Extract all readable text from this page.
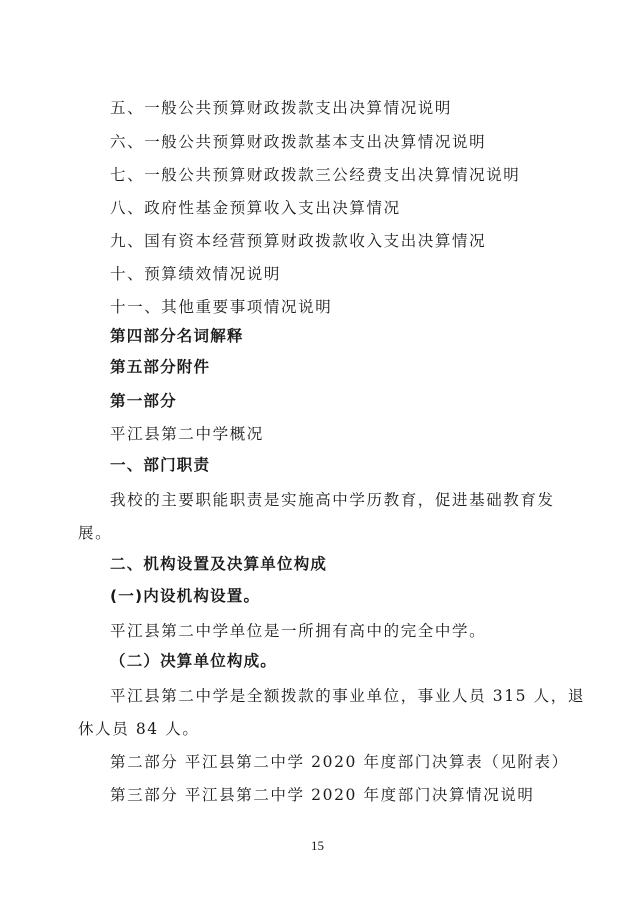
五、一般公共预算财政拨款支出决算情况说明
六、一般公共预算财政拨款基本支出决算情况说明
七、一般公共预算财政拨款三公经费支出决算情况说明
八、政府性基金预算收入支出决算情况
九、国有资本经营预算财政拨款收入支出决算情况
十、预算绩效情况说明
十一、其他重要事项情况说明
第四部分名词解释
第五部分附件
第一部分
平江县第二中学概况
一、部门职责
我校的主要职能职责是实施高中学历教育，促进基础教育发
展。
二、机构设置及决算单位构成
(一)内设机构设置。
平江县第二中学单位是一所拥有高中的完全中学。
（二）决算单位构成。
平江县第二中学是全额拨款的事业单位，事业人员 315 人，退
休人员 84 人。
第二部分 平江县第二中学 2020 年度部门决算表（见附表）
第三部分 平江县第二中学 2020 年度部门决算情况说明
15
